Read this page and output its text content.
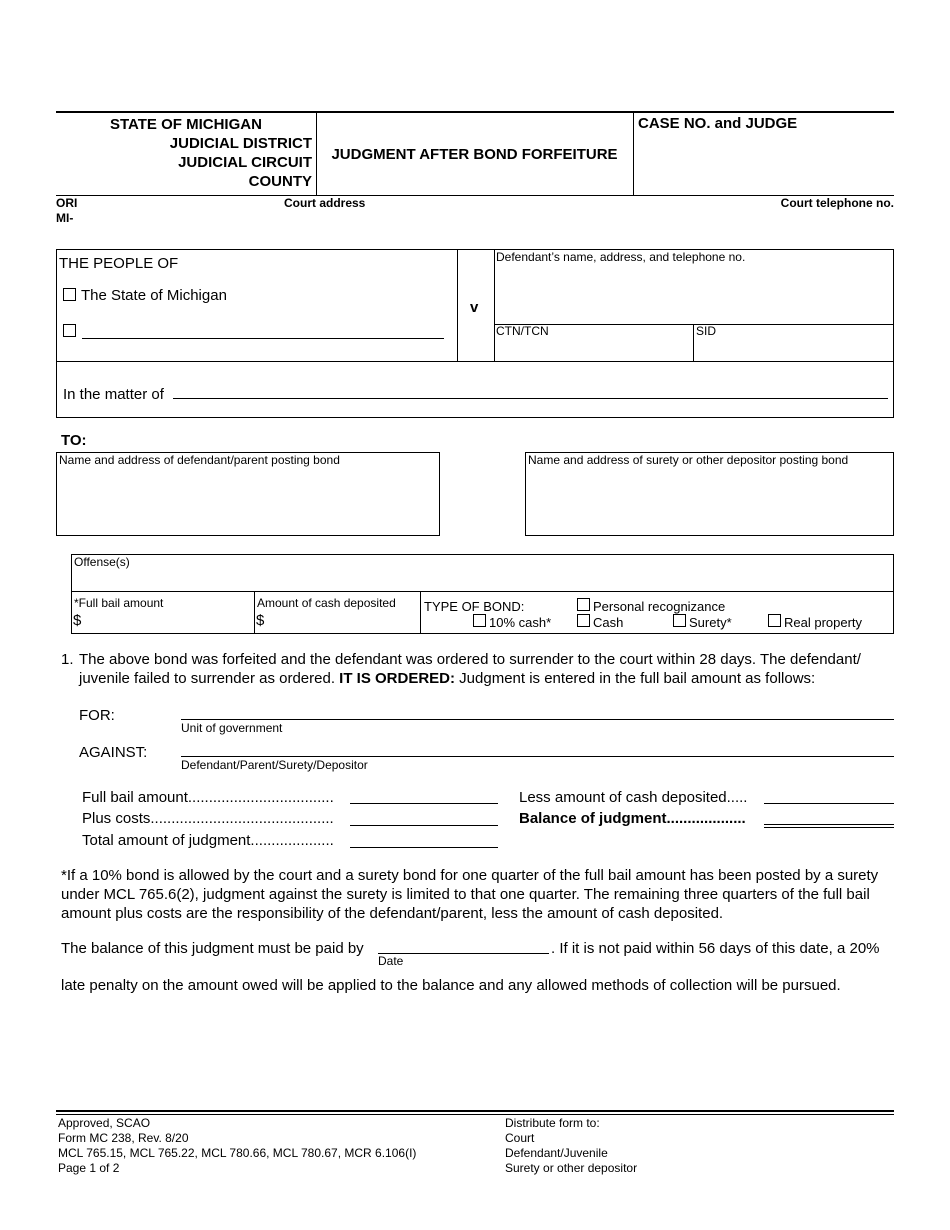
STATE OF MICHIGAN
JUDICIAL DISTRICT
JUDICIAL CIRCUIT
COUNTY
JUDGMENT AFTER BOND FORFEITURE
CASE NO. and JUDGE
ORI
MI-
Court address	Court telephone no.
THE PEOPLE OF
The State of Michigan
v
Defendant’s name, address, and telephone no.
CTN/TCN	SID
In the matter of
TO:
Name and address of defendant/parent posting bond	Name and address of surety or other depositor posting bond
Offense(s)
*Full bail amount
$
Amount of cash deposited
$
TYPE OF BOND:	Personal recognizance
10% cash*	Cash	Surety*	Real property
1. The above bond was forfeited and the defendant was ordered to surrender to the court within 28 days. The defendant/
juvenile failed to surrender as ordered. IT IS ORDERED: Judgment is entered in the full bail amount as follows:
FOR:
Unit of government
AGAINST:
Defendant/Parent/Surety/Depositor
Full bail amount...................................
Plus costs............................................
Total amount of judgment....................
Less amount of cash deposited.....
Balance of judgment...................
*If a 10% bond is allowed by the court and a surety bond for one quarter of the full bail amount has been posted by a surety
under MCL 765.6(2), judgment against the surety is limited to that one quarter. The remaining three quarters of the full bail
amount plus costs are the responsibility of the defendant/parent, less the amount of cash deposited.
The balance of this judgment must be paid by
Date
. If it is not paid within 56 days of this date, a 20%
late penalty on the amount owed will be applied to the balance and any allowed methods of collection will be pursued.
Approved, SCAO
Form MC 238, Rev. 8/20
MCL 765.15, MCL 765.22, MCL 780.66, MCL 780.67, MCR 6.106(I)
Page 1 of 2
Distribute form to:
Court
Defendant/Juvenile
Surety or other depositor
